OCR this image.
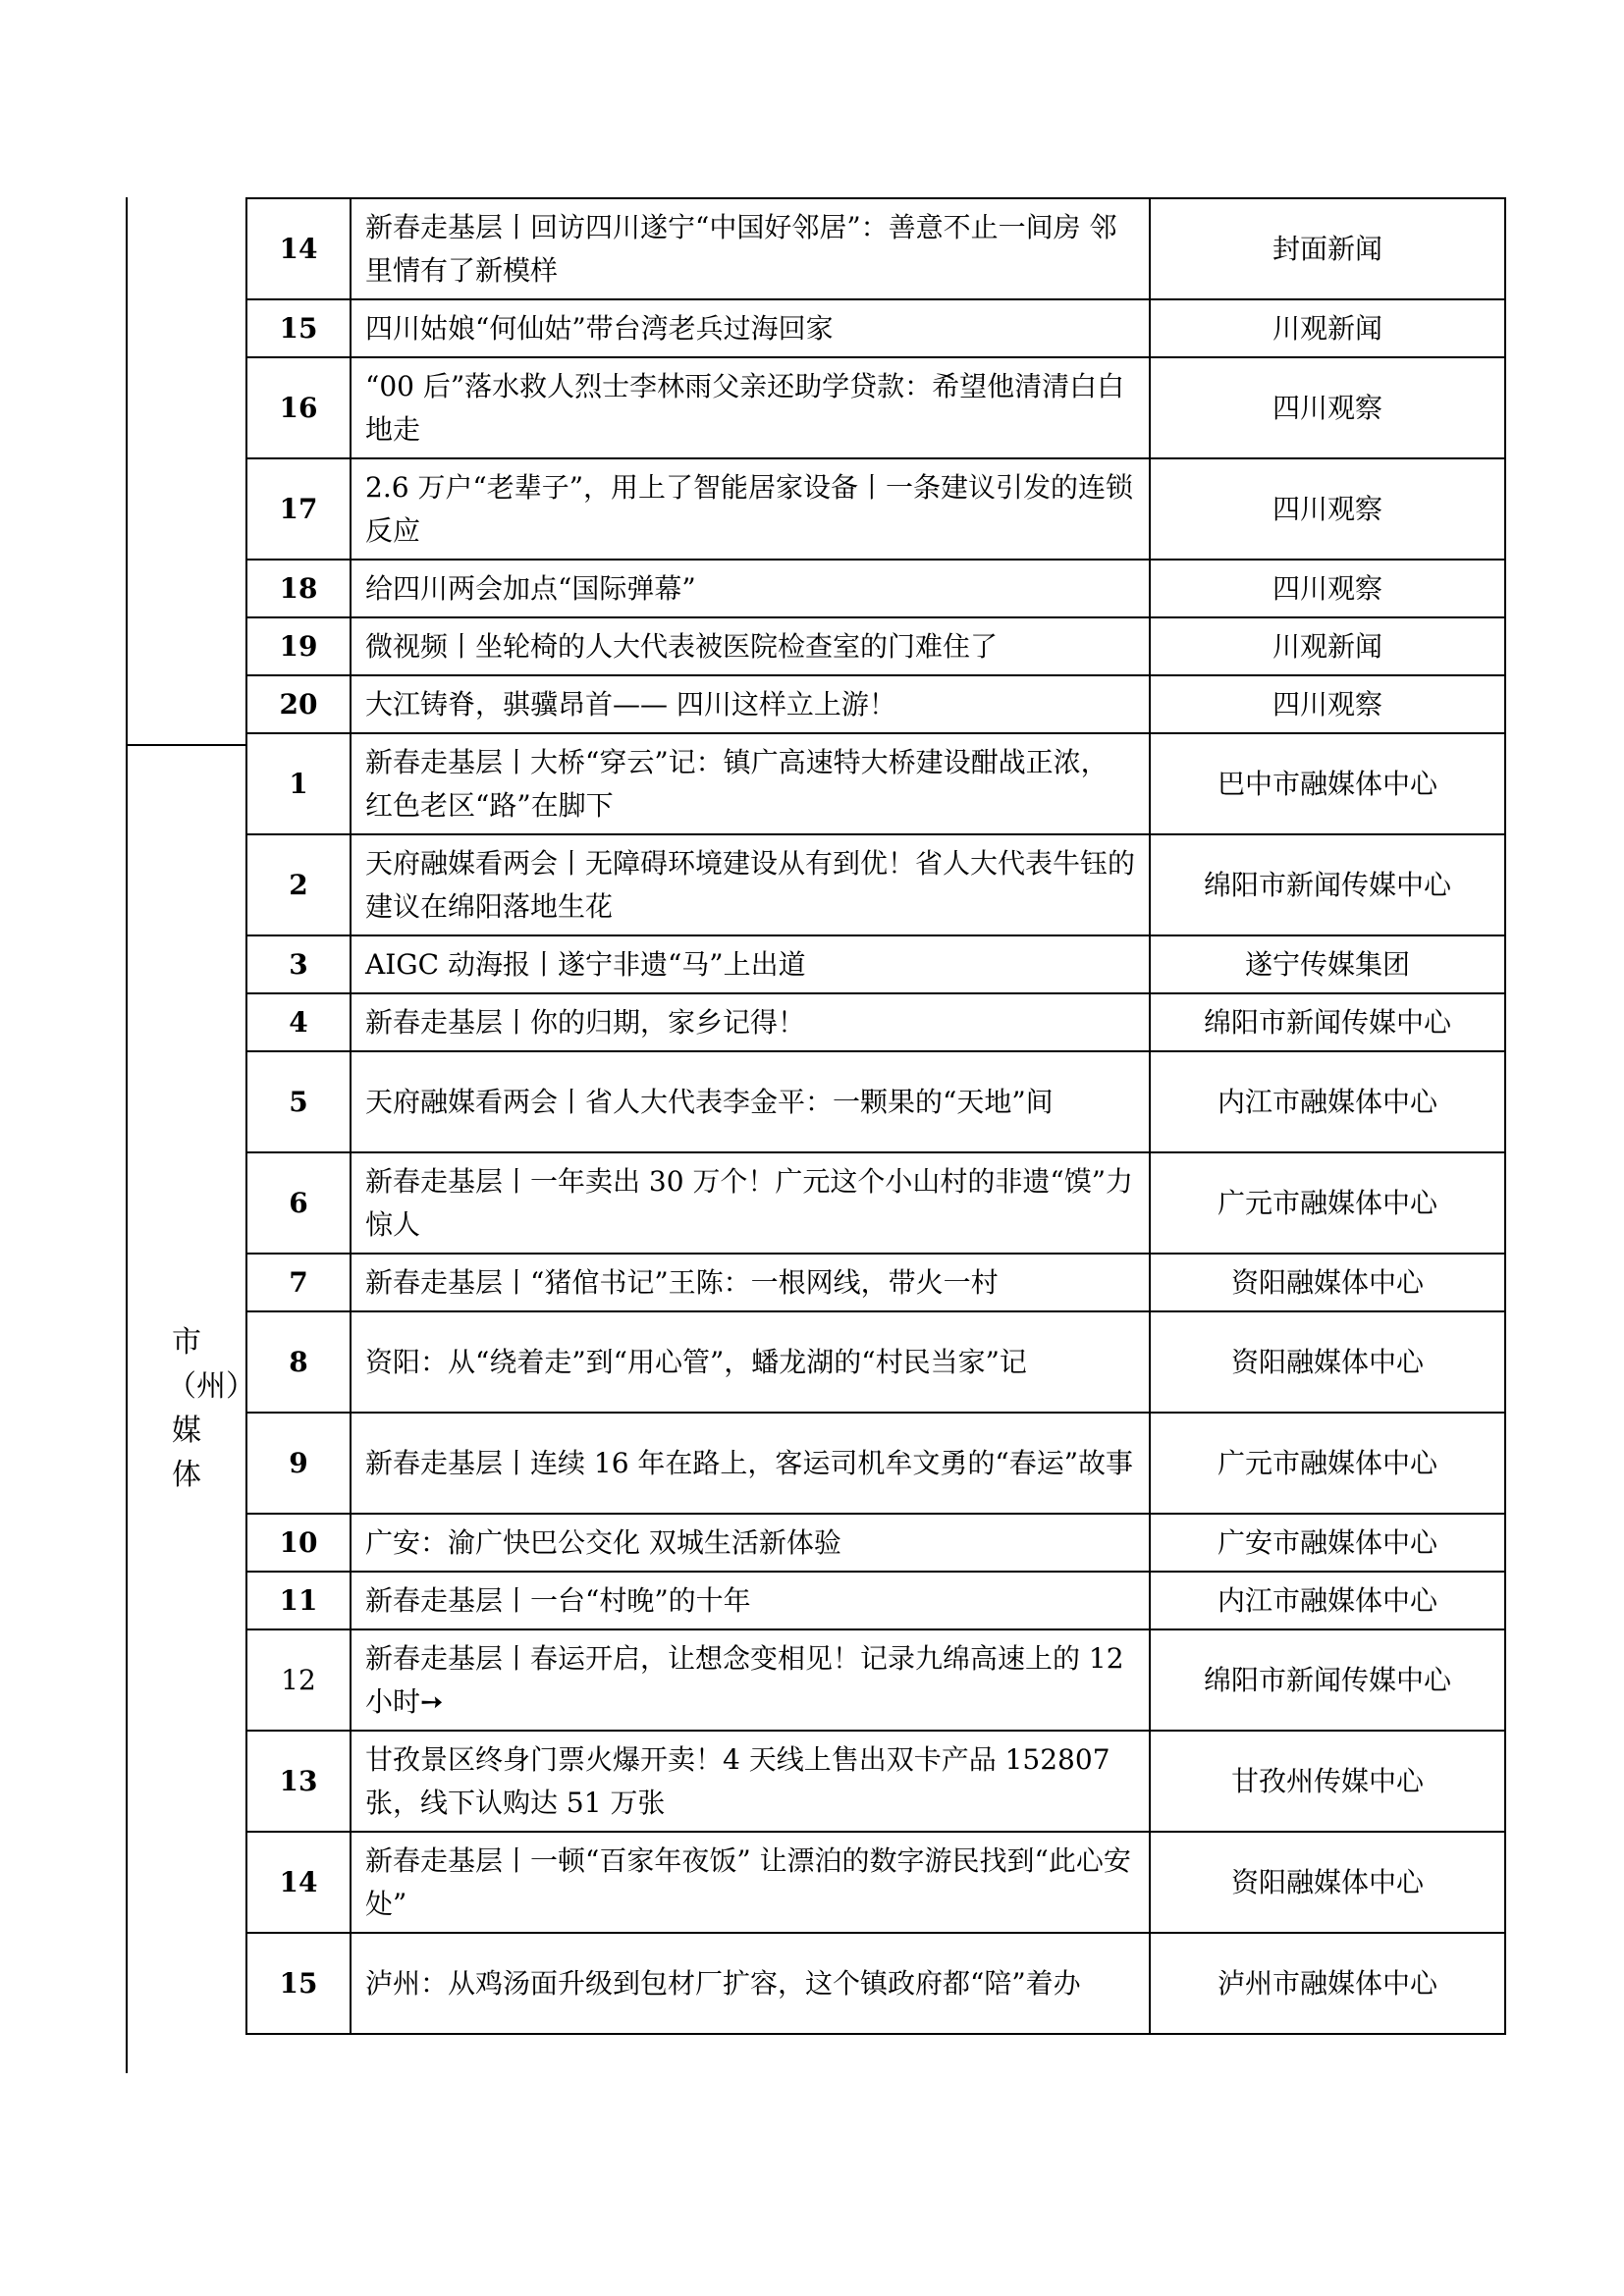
市（州）媒体
14	新春走基层丨回访四川遂宁“中国好邻居”：善意不止一间房 邻里情有了新模样	封面新闻
15	四川姑娘“何仙姑”带台湾老兵过海回家	川观新闻
16	“00 后”落水救人烈士李林雨父亲还助学贷款：希望他清清白白地走	四川观察
17	2.6 万户“老辈子”，用上了智能居家设备丨一条建议引发的连锁反应	四川观察
18	给四川两会加点“国际弹幕”	四川观察
19	微视频丨坐轮椅的人大代表被医院检查室的门难住了	川观新闻
20	大江铸脊，骐骥昂首—— 四川这样立上游！	四川观察
1	新春走基层丨大桥“穿云”记：镇广高速特大桥建设酣战正浓，红色老区“路”在脚下	巴中市融媒体中心
2	天府融媒看两会丨无障碍环境建设从有到优！省人大代表牛钰的建议在绵阳落地生花	绵阳市新闻传媒中心
3	AIGC 动海报丨遂宁非遗“马”上出道	遂宁传媒集团
4	新春走基层丨你的归期，家乡记得！	绵阳市新闻传媒中心
5	天府融媒看两会丨省人大代表李金平：一颗果的“天地”间	内江市融媒体中心
6	新春走基层丨一年卖出 30 万个！广元这个小山村的非遗“馍”力惊人	广元市融媒体中心
7	新春走基层丨“猪倌书记”王陈：一根网线，带火一村	资阳融媒体中心
8	资阳：从“绕着走”到“用心管”，蟠龙湖的“村民当家”记	资阳融媒体中心
9	新春走基层丨连续 16 年在路上，客运司机牟文勇的“春运”故事	广元市融媒体中心
10	广安：渝广快巴公交化 双城生活新体验	广安市融媒体中心
11	新春走基层丨一台“村晚”的十年	内江市融媒体中心
12	新春走基层丨春运开启，让想念变相见！记录九绵高速上的 12 小时➙	绵阳市新闻传媒中心
13	甘孜景区终身门票火爆开卖！4 天线上售出双卡产品 152807 张，线下认购达 51 万张	甘孜州传媒中心
14	新春走基层丨一顿“百家年夜饭” 让漂泊的数字游民找到“此心安处”	资阳融媒体中心
15	泸州：从鸡汤面升级到包材厂扩容，这个镇政府都“陪”着办	泸州市融媒体中心
